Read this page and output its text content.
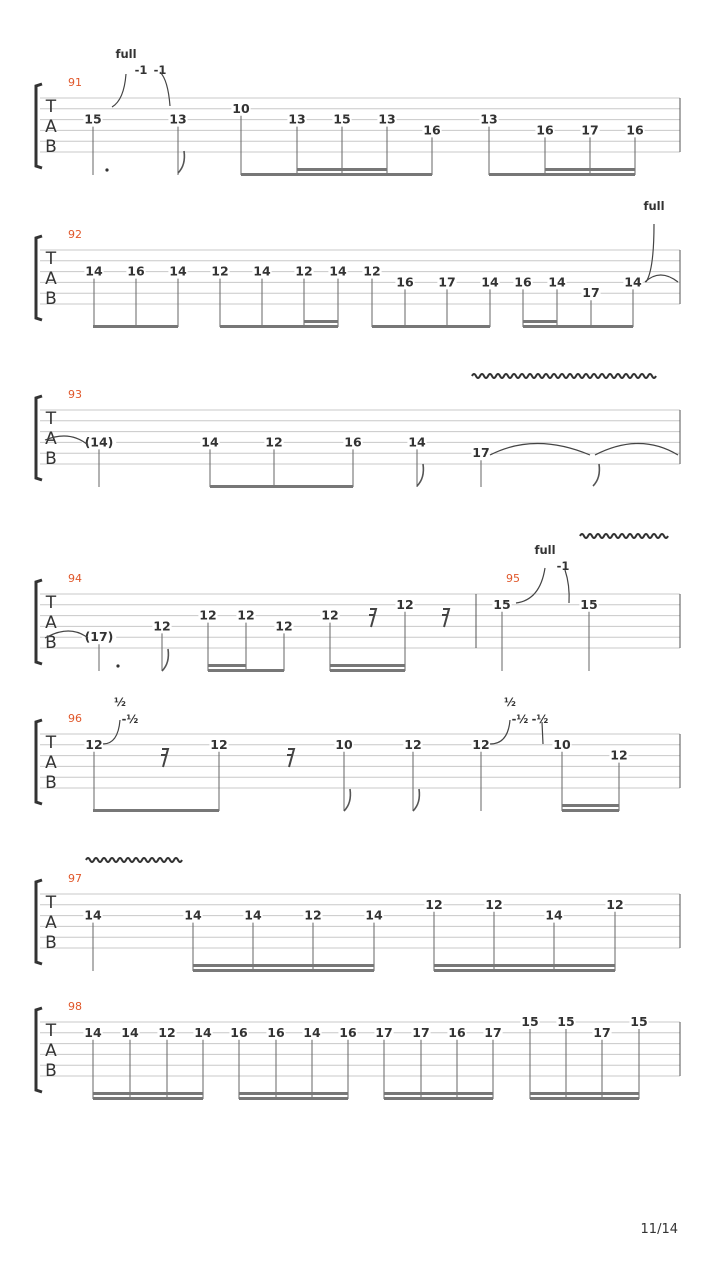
T
A
B
91
15	13
10
13 15 13
16
13
16 17 16
full
-1 -1
T
A
B
92
14 16 14 12 14 12 14 12
16 17 14 16 14
17
14
full
T
A
B
93
(14)	14	12	16	14
17
T
A
B
94	95
(17)
12
12 12
12
12
12	15	15
full
-1
T
A
B
96
12	12	10	12	12	10
12
½
-½
½
-½ -½
T
A
B
97
14	14	14	12	14
12	12
14
12
T
A
B
98
14 14 12 14 16 16 14 16 17 17 16 17
15 15
17
15
11/14
